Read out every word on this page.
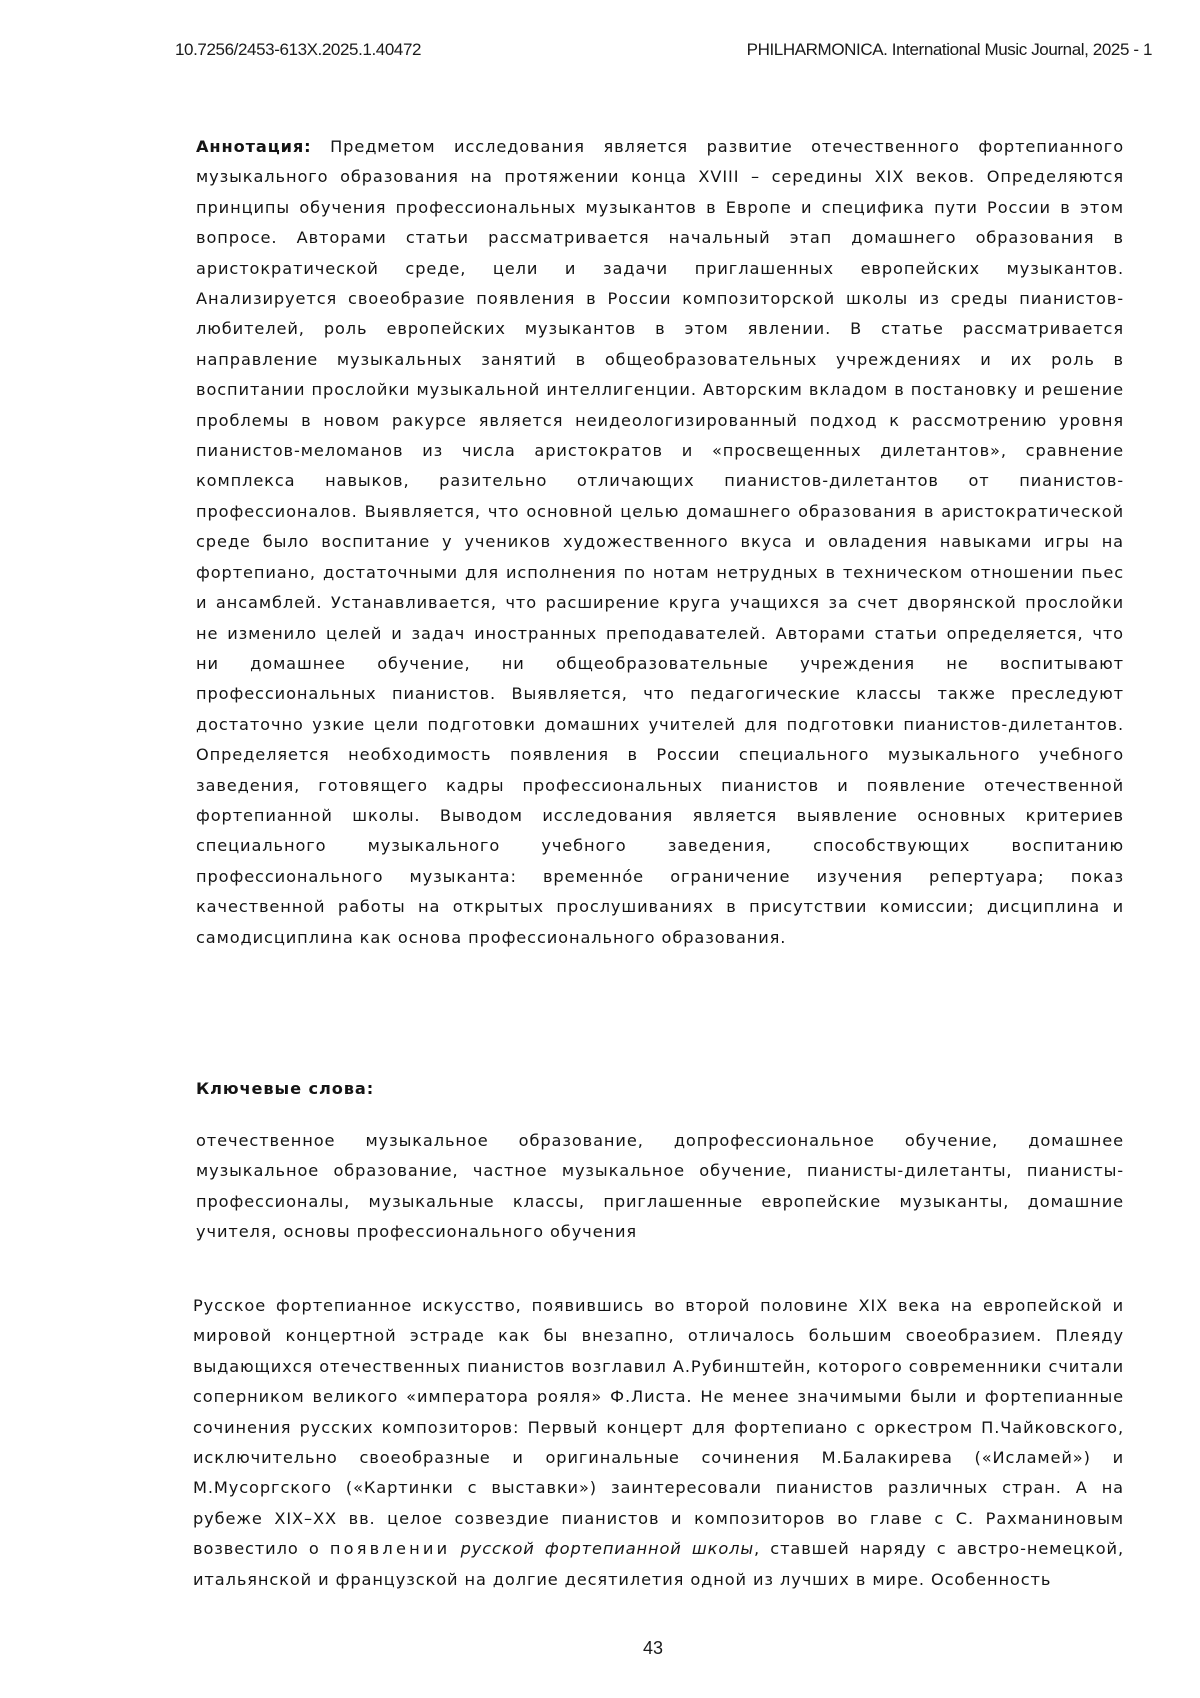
10.7256/2453-613X.2025.1.40472	PHILHARMONICA. International Music Journal, 2025 - 1

Аннотация: Предметом исследования является развитие отечественного фортепианного музыкального образования на протяжении конца XVIII – середины XIX веков. Определяются принципы обучения профессиональных музыкантов в Европе и специфика пути России в этом вопросе. Авторами статьи рассматривается начальный этап домашнего образования в аристократической среде, цели и задачи приглашенных европейских музыкантов. Анализируется своеобразие появления в России композиторской школы из среды пианистов-любителей, роль европейских музыкантов в этом явлении. В статье рассматривается направление музыкальных занятий в общеобразовательных учреждениях и их роль в воспитании прослойки музыкальной интеллигенции. Авторским вкладом в постановку и решение проблемы в новом ракурсе является неидеологизированный подход к рассмотрению уровня пианистов-меломанов из числа аристократов и «просвещенных дилетантов», сравнение комплекса навыков, разительно отличающих пианистов-дилетантов от пианистов-профессионалов. Выявляется, что основной целью домашнего образования в аристократической среде было воспитание у учеников художественного вкуса и овладения навыками игры на фортепиано, достаточными для исполнения по нотам нетрудных в техническом отношении пьес и ансамблей. Устанавливается, что расширение круга учащихся за счет дворянской прослойки не изменило целей и задач иностранных преподавателей. Авторами статьи определяется, что ни домашнее обучение, ни общеобразовательные учреждения не воспитывают профессиональных пианистов. Выявляется, что педагогические классы также преследуют достаточно узкие цели подготовки домашних учителей для подготовки пианистов-дилетантов. Определяется необходимость появления в России специального музыкального учебного заведения, готовящего кадры профессиональных пианистов и появление отечественной фортепианной школы. Выводом исследования является выявление основных критериев специального музыкального учебного заведения, способствующих воспитанию профессионального музыканта: временно́е ограничение изучения репертуара; показ качественной работы на открытых прослушиваниях в присутствии комиссии; дисциплина и самодисциплина как основа профессионального образования.

Ключевые слова:

отечественное музыкальное образование, допрофессиональное обучение, домашнее музыкальное образование, частное музыкальное обучение, пианисты-дилетанты, пианисты-профессионалы, музыкальные классы, приглашенные европейские музыканты, домашние учителя, основы профессионального обучения

Русское фортепианное искусство, появившись во второй половине XIX века на европейской и мировой концертной эстраде как бы внезапно, отличалось большим своеобразием. Плеяду выдающихся отечественных пианистов возглавил А.Рубинштейн, которого современники считали соперником великого «императора рояля» Ф.Листа. Не менее значимыми были и фортепианные сочинения русских композиторов: Первый концерт для фортепиано с оркестром П.Чайковского, исключительно своеобразные и оригинальные сочинения М.Балакирева («Исламей») и М.Мусоргского («Картинки с выставки») заинтересовали пианистов различных стран. А на рубеже XIX–XX вв. целое созвездие пианистов и композиторов во главе с С. Рахманиновым возвестило о появлении русской фортепианной школы, ставшей наряду с австро-немецкой, итальянской и французской на долгие десятилетия одной из лучших в мире. Особенность

43
